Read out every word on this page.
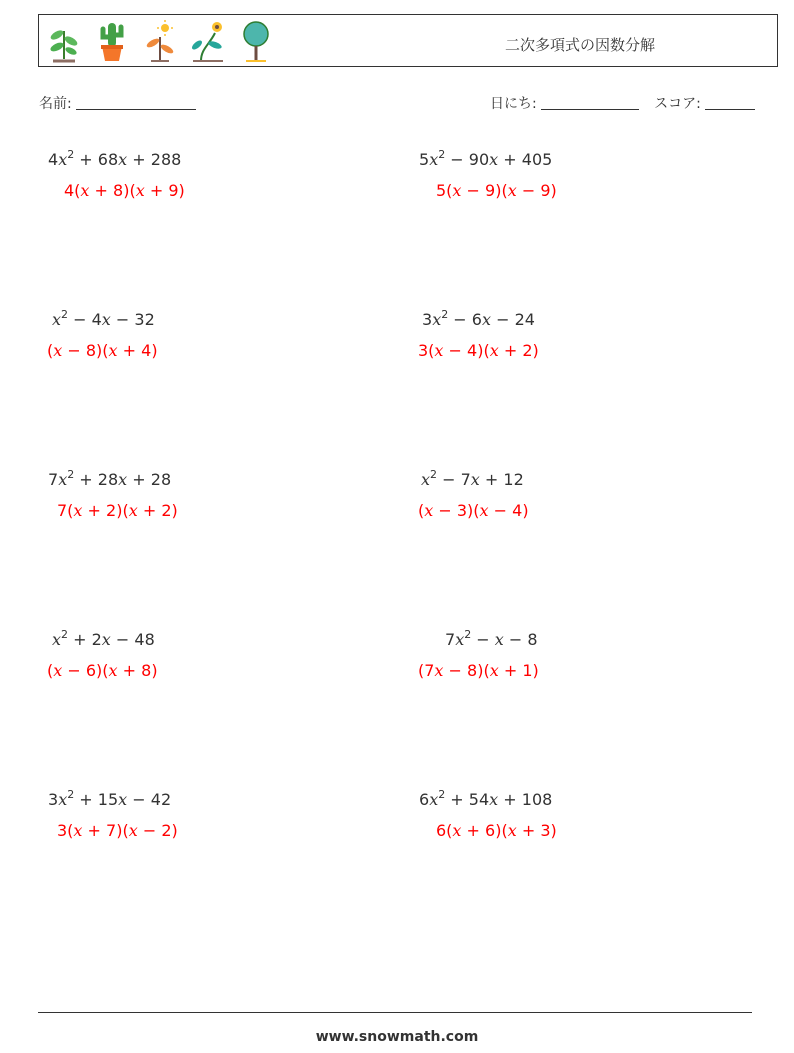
二次多項式の因数分解
名前:	日にち:	スコア:
$4x^2 + 68x + 288$
4(x + 8)(x + 9)
$5x^2 - 90x + 405$
5(x − 9)(x − 9)
$x^2 - 4x - 32$
(x − 8)(x + 4)
$3x^2 - 6x - 24$
3(x − 4)(x + 2)
$7x^2 + 28x + 28$
7(x + 2)(x + 2)
$x^2 - 7x + 12$
(x − 3)(x − 4)
$x^2 + 2x - 48$
(x − 6)(x + 8)
$7x^2 - x - 8$
(7x − 8)(x + 1)
$3x^2 + 15x - 42$
3(x + 7)(x − 2)
$6x^2 + 54x + 108$
6(x + 6)(x + 3)
www.snowmath.com
